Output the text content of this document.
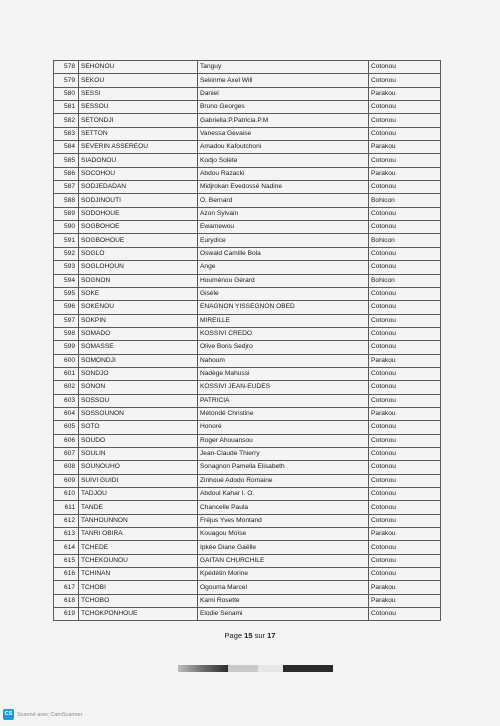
578	SEHONOU	Tanguy	Cotonou
579	SEKOU	Sekinme Axel Will	Cotonou
580	SESSI	Daniel	Parakou
581	SESSOU	Bruno Georges	Cotonou
582	SETONDJI	Gabriella.P.Patricia.P.M	Cotonou
583	SETTON	Vanessa Gevaise	Cotonou
584	SEVERIN ASSEREOU	Amadou Kafoutchoni	Parakou
585	SIADONOU	Kodjo Soléte	Cotonou
586	SOCOHOU	Abdou Razacki	Parakou
587	SODJEDADAN	Midjrokan Evedossè Nadine	Cotonou
588	SODJINOUTI	O. Bernard	Bohicon
589	SODOHOUE	Azon Sylvain	Cotonou
590	SOGBOHOE	Ewamewou	Cotonou
591	SOGBOHOUE	Eurydice	Bohicon
592	SOGLO	Oswald Camille Bola	Cotonou
593	SOGLOHOUN	Ange	Cotonou
594	SOGNON	Houménou Gérard	Bohicon
595	SOKE	Gisèle	Cotonou
596	SOKENOU	ENAGNON YISSEGNON OBED	Cotonou
597	SOKPIN	MIREILLE	Cotonou
598	SOMADO	KOSSIVI CREDO	Cotonou
599	SOMASSE	Olive Boris Sedjro	Cotonou
600	SOMONDJI	Nahoum	Parakou
601	SONDJO	Nadège Mahussi	Cotonou
602	SONON	KOSSIVI JEAN-EUDES	Cotonou
603	SOSSOU	PATRICIA	Cotonou
604	SOSSOUNON	Métondé Christine	Parakou
605	SOTO	Honoré	Cotonou
606	SOUDO	Roger Ahouansou	Cotonou
607	SOULIN	Jean-Claude Thierry	Cotonou
608	SOUNOUHO	Sonagnon Pamella Elisabeth	Cotonou
609	SUIVI GUIDI	Zinhoué Adodo Romaine	Cotonou
610	TADJOU	Abdoul Kahar I. O.	Cotonou
611	TANDE	Chancelle Paula	Cotonou
612	TANHOUNNON	Fréjus Yves Montand	Cotonou
613	TANRI OBIRA	Kouagou Moïse	Parakou
614	TCHEDE	Ipkée Diane Gaëlle	Cotonou
615	TCHEKOUNOU	GAITAN CHURCHILE	Cotonou
616	TCHINAN	Kpédétin Morine	Cotonou
617	TCHOBI	Ogouma Marcel	Parakou
618	TCHOBO	Kami Rosette	Parakou
619	TCHOKPONHOUE	Elodie Senami	Cotonou
Page 15 sur 17
CS Scanné avec CamScanner
